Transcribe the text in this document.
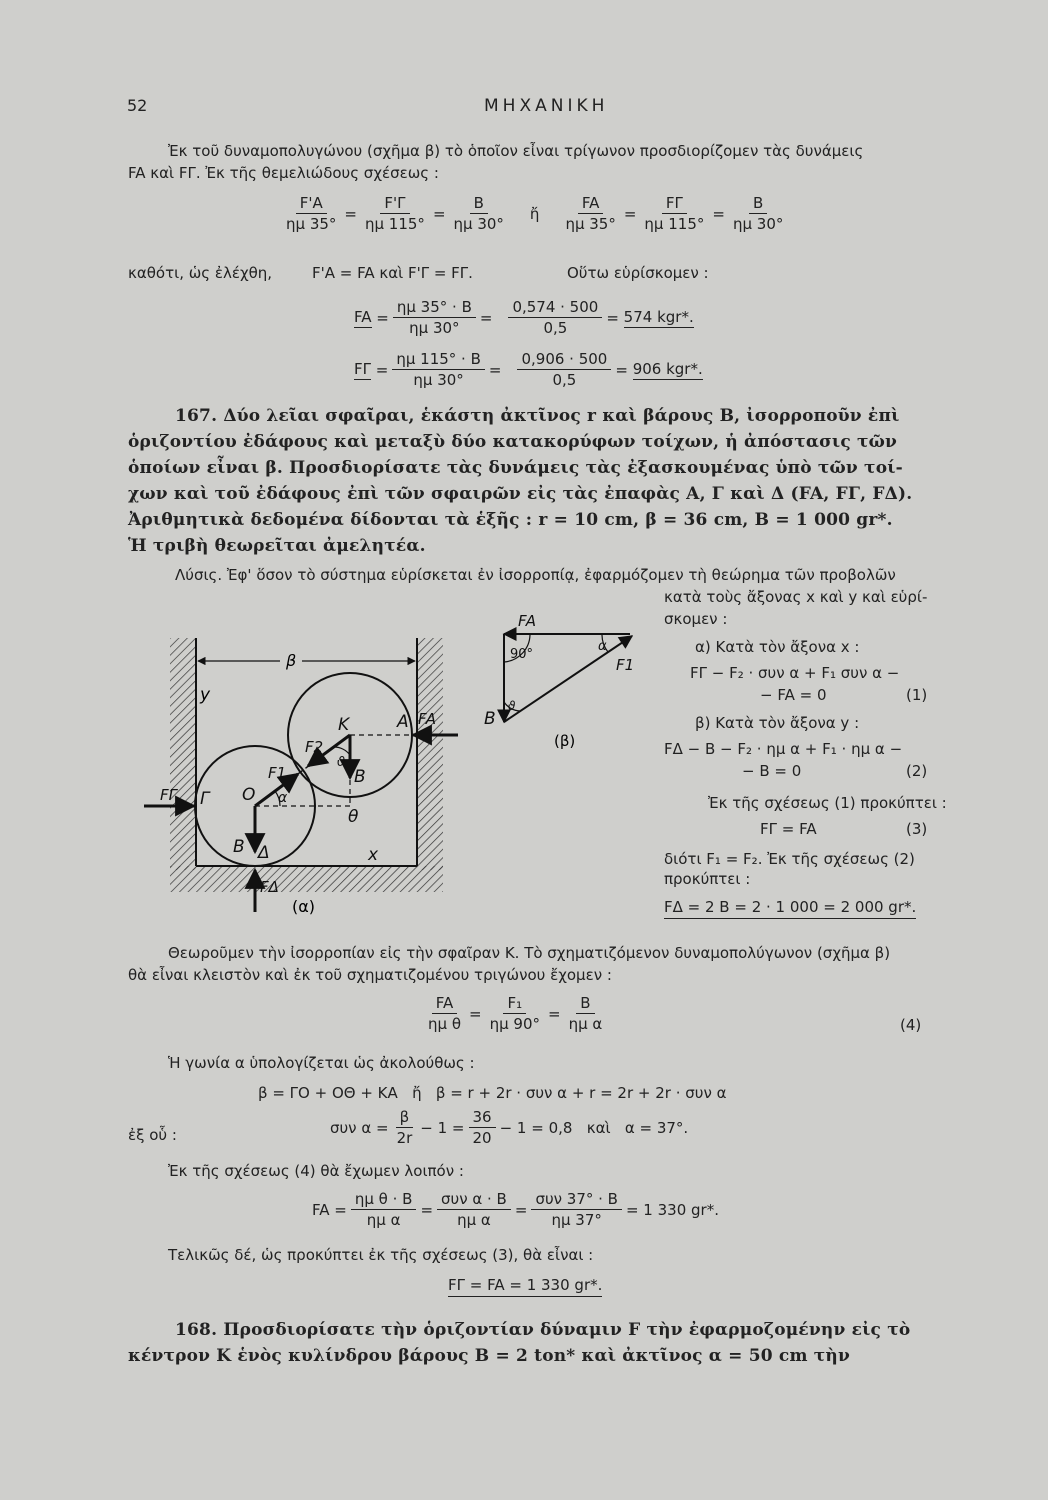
52	ΜΗΧΑΝΙΚΗ
Ἐκ τοῦ δυναμοπολυγώνου (σχῆμα β) τὸ ὁποῖον εἶναι τρίγωνον προσδιορίζομεν τὰς δυνάμεις
FA καὶ FΓ. Ἐκ τῆς θεμελιώδους σχέσεως :
$\frac{F'A}{\eta\mu 35^\circ} = \frac{F'\Gamma}{\eta\mu 115^\circ} = \frac{B}{\eta\mu 30^\circ}$ ἤ $\frac{FA}{\eta\mu 35^\circ} = \frac{F\Gamma}{\eta\mu 115^\circ} = \frac{B}{\eta\mu 30^\circ}$
καθότι, ὡς ἐλέχθη,	F'A = FA καὶ F'Γ = FΓ.	Οὕτω εὑρίσκομεν :
FA = $\frac{\eta\mu 35^\circ \cdot B}{\eta\mu 30^\circ} = \frac{0,574 \cdot 500}{0,5} = 574$ kgr*.
$F\Gamma = \frac{\eta\mu 115^\circ \cdot B}{\eta\mu 30^\circ} = \frac{0,906 \cdot 500}{0,5} = 906$ kgr*.
167. Δύο λεῖαι σφαῖραι, ἑκάστη ἀκτῖνος r καὶ βάρους Β, ἰσορροποῦν ἐπὶ
ὁριζοντίου ἐδάφους καὶ μεταξὺ δύο κατακορύφων τοίχων, ἡ ἀπόστασις τῶν
ὁποίων εἶναι β. Προσδιορίσατε τὰς δυνάμεις τὰς ἐξασκουμένας ὑπὸ τῶν τοί-
χων καὶ τοῦ ἐδάφους ἐπὶ τῶν σφαιρῶν εἰς τὰς ἐπαφὰς Α, Γ καὶ Δ (FA, FΓ, FΔ).
Ἀριθμητικὰ δεδομένα δίδονται τὰ ἑξῆς : r = 10 cm, β = 36 cm, Β = 1 000 gr*.
Ἡ τριβὴ θεωρεῖται ἀμελητέα.
Λύσις. Ἐφ' ὅσον τὸ σύστημα εὑρίσκεται ἐν ἰσορροπίᾳ, ἐφαρμόζομεν τὴ θεώρημα τῶν προβολῶν
κατὰ τοὺς ἄξονας x καὶ y καὶ εὑρί-
σκομεν :
α) Κατὰ τὸν ἄξονα x :
FΓ − F₂ · συν α + F₁ συν α −
− FA = 0	(1)
β) Κατὰ τὸν ἄξονα y :
FΔ − Β − F₂ · ημ α + F₁ · ημ α −
− Β = 0	(2)
Ἐκ τῆς σχέσεως (1) προκύπτει :
FΓ = FA	(3)
διότι F₁ = F₂. Ἐκ τῆς σχέσεως (2)
προκύπτει :
FΔ = 2 Β = 2 · 1 000 = 2 000 gr*.
β
y
K	A FA
F2
ϑ
B
F1
Γ O α
θ
FΓ
B Δ	x
FΔ
(α)
FA
90°
α
F1
B
ϑ
(β)
Θεωροῦμεν τὴν ἰσορροπίαν εἰς τὴν σφαῖραν Κ. Τὸ σχηματιζόμενον δυναμοπολύγωνον (σχῆμα β)
θὰ εἶναι κλειστὸν καὶ ἐκ τοῦ σχηματιζομένου τριγώνου ἔχομεν :
$\frac{FA}{\text{ημ θ}} = \frac{\text{F₁}}{\eta\mu 90^\circ} = \frac{B}{\text{ημ α}}$	(4)
Ἡ γωνία α ὑπολογίζεται ὡς ἀκολούθως :
β = ΓΟ + ΟΘ + ΚΑ   ἤ   β = r + 2r · συν α + r = 2r + 2r · συν α
ἐξ οὗ :	συν $\alpha = \frac{\beta}{2r} - 1 = \frac{36}{20} - 1 = 0,8$   καὶ   α = 37°.
Ἐκ τῆς σχέσεως (4) θὰ ἔχωμεν λοιπόν :
FA = $\frac{\text{ημ θ · Β}}{\text{ημ α}} = \frac{\text{συν α · Β}}{\text{ημ α}} = \frac{\text{συν 37° · Β}}{\eta\mu 37^\circ} = 1$ 330 gr*.
Τελικῶς δέ, ὡς προκύπτει ἐκ τῆς σχέσεως (3), θὰ εἶναι :
FΓ = FA = 1 330 gr*.
168. Προσδιορίσατε τὴν ὁριζοντίαν δύναμιν F τὴν ἐφαρμοζομένην εἰς τὸ
κέντρον Κ ἑνὸς κυλίνδρου βάρους Β = 2 ton* καὶ ἀκτῖνος α = 50 cm τὴν
